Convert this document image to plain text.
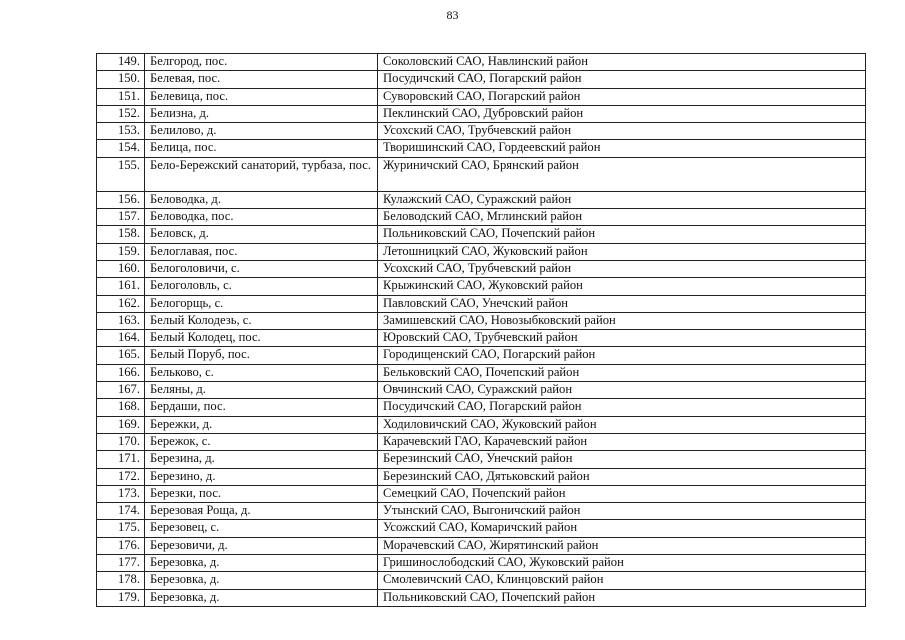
83
149.	Белгород, пос.	Соколовский САО, Навлинский район
150.	Белевая, пос.	Посудичский САО, Погарский район
151.	Белевица, пос.	Суворовский САО, Погарский район
152.	Белизна, д.	Пеклинский САО, Дубровский район
153.	Белилово, д.	Усохский САО, Трубчевский район
154.	Белица, пос.	Творишинский САО, Гордеевский район
155.	Бело-Бережский санаторий, турбаза, пос.	Журиничский САО, Брянский район
156.	Беловодка, д.	Кулажский САО, Суражский район
157.	Беловодка, пос.	Беловодский САО, Мглинский район
158.	Беловск, д.	Польниковский САО, Почепский район
159.	Белоглавая, пос.	Летошницкий САО, Жуковский район
160.	Белоголовичи, с.	Усохский САО, Трубчевский район
161.	Белоголовль, с.	Крыжинский САО, Жуковский район
162.	Белогорщь, с.	Павловский САО, Унечский район
163.	Белый Колодезь, с.	Замишевский САО, Новозыбковский район
164.	Белый Колодец, пос.	Юровский САО, Трубчевский район
165.	Белый Поруб, пос.	Городищенский САО, Погарский район
166.	Бельково, с.	Бельковский САО, Почепский район
167.	Беляны, д.	Овчинский САО, Суражский район
168.	Бердаши, пос.	Посудичский САО, Погарский район
169.	Бережки, д.	Ходиловичский САО, Жуковский район
170.	Бережок, с.	Карачевский ГАО, Карачевский район
171.	Березина, д.	Березинский САО, Унечский район
172.	Березино, д.	Березинский САО, Дятьковский район
173.	Березки, пос.	Семецкий САО, Почепский район
174.	Березовая Роща, д.	Утынский САО, Выгоничский район
175.	Березовец, с.	Усожский САО, Комаричский район
176.	Березовичи, д.	Морачевский САО, Жирятинский район
177.	Березовка, д.	Гришинослободский САО, Жуковский район
178.	Березовка, д.	Смолевичский САО, Клинцовский район
179.	Березовка, д.	Польниковский САО, Почепский район
